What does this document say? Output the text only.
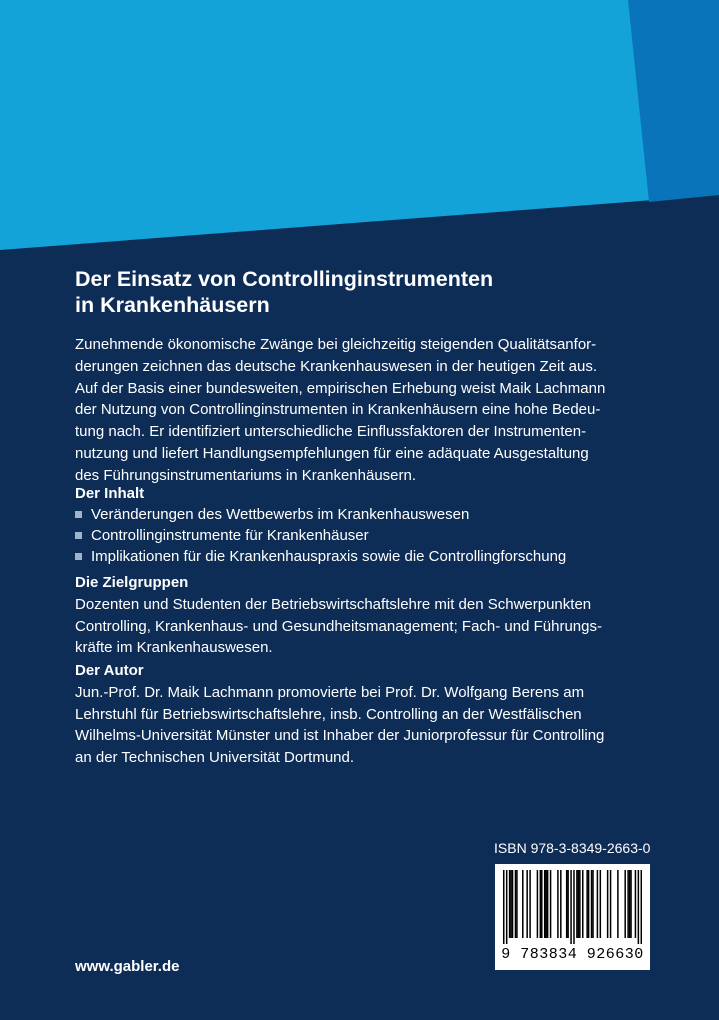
Der Einsatz von Controllinginstrumenten
in Krankenhäusern
Zunehmende ökonomische Zwänge bei gleichzeitig steigenden Qualitätsanfor-
derungen zeichnen das deutsche Krankenhauswesen in der heutigen Zeit aus.
Auf der Basis einer bundesweiten, empirischen Erhebung weist Maik Lachmann
der Nutzung von Controllinginstrumenten in Krankenhäusern eine hohe Bedeu-
tung nach. Er identifiziert unterschiedliche Einflussfaktoren der Instrumenten-
nutzung und liefert Handlungsempfehlungen für eine adäquate Ausgestaltung
des Führungsinstrumentariums in Krankenhäusern.
Der Inhalt
Veränderungen des Wettbewerbs im Krankenhauswesen
Controllinginstrumente für Krankenhäuser
Implikationen für die Krankenhauspraxis sowie die Controllingforschung
Die Zielgruppen
Dozenten und Studenten der Betriebswirtschaftslehre mit den Schwerpunkten
Controlling, Krankenhaus- und Gesundheitsmanagement; Fach- und Führungs-
kräfte im Krankenhauswesen.
Der Autor
Jun.-Prof. Dr. Maik Lachmann promovierte bei Prof. Dr. Wolfgang Berens am
Lehrstuhl für Betriebswirtschaftslehre, insb. Controlling an der Westfälischen
Wilhelms-Universität Münster und ist Inhaber der Juniorprofessur für Controlling
an der Technischen Universität Dortmund.
www.gabler.de
ISBN 978-3-8349-2663-0
9 783834 926630
